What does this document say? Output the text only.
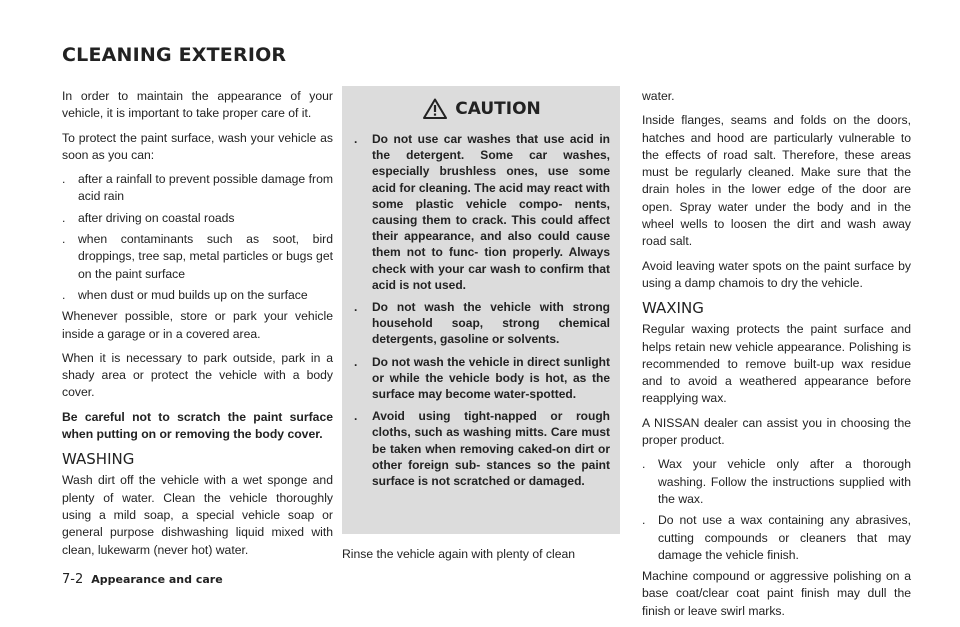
CLEANING EXTERIOR

In order to maintain the appearance of your vehicle, it is important to take proper care of it.

To protect the paint surface, wash your vehicle as soon as you can:

.	after a rainfall to prevent possible damage from acid rain
.	after driving on coastal roads
.	when contaminants such as soot, bird droppings, tree sap, metal particles or bugs get on the paint surface
.	when dust or mud builds up on the surface

Whenever possible, store or park your vehicle inside a garage or in a covered area.

When it is necessary to park outside, park in a shady area or protect the vehicle with a body cover.

Be careful not to scratch the paint surface when putting on or removing the body cover.

WASHING

Wash dirt off the vehicle with a wet sponge and plenty of water. Clean the vehicle thoroughly using a mild soap, a special vehicle soap or general purpose dishwashing liquid mixed with clean, lukewarm (never hot) water.

CAUTION
.	Do not use car washes that use acid in the detergent. Some car washes, especially brushless ones, use some acid for cleaning. The acid may react with some plastic vehicle compo- nents, causing them to crack. This could affect their appearance, and also could cause them not to func- tion properly. Always check with your car wash to confirm that acid is not used.
.	Do not wash the vehicle with strong household soap, strong chemical detergents, gasoline or solvents.
.	Do not wash the vehicle in direct sunlight or while the vehicle body is hot, as the surface may become water-spotted.
.	Avoid using tight-napped or rough cloths, such as washing mitts. Care must be taken when removing caked-on dirt or other foreign sub- stances so the paint surface is not scratched or damaged.

Rinse the vehicle again with plenty of clean

water.

Inside flanges, seams and folds on the doors, hatches and hood are particularly vulnerable to the effects of road salt. Therefore, these areas must be regularly cleaned. Make sure that the drain holes in the lower edge of the door are open. Spray water under the body and in the wheel wells to loosen the dirt and wash away road salt.

Avoid leaving water spots on the paint surface by using a damp chamois to dry the vehicle.

WAXING

Regular waxing protects the paint surface and helps retain new vehicle appearance. Polishing is recommended to remove built-up wax residue and to avoid a weathered appearance before reapplying wax.

A NISSAN dealer can assist you in choosing the proper product.

.	Wax your vehicle only after a thorough washing. Follow the instructions supplied with the wax.
.	Do not use a wax containing any abrasives, cutting compounds or cleaners that may damage the vehicle finish.

Machine compound or aggressive polishing on a base coat/clear coat paint finish may dull the finish or leave swirl marks.

7-2 Appearance and care
